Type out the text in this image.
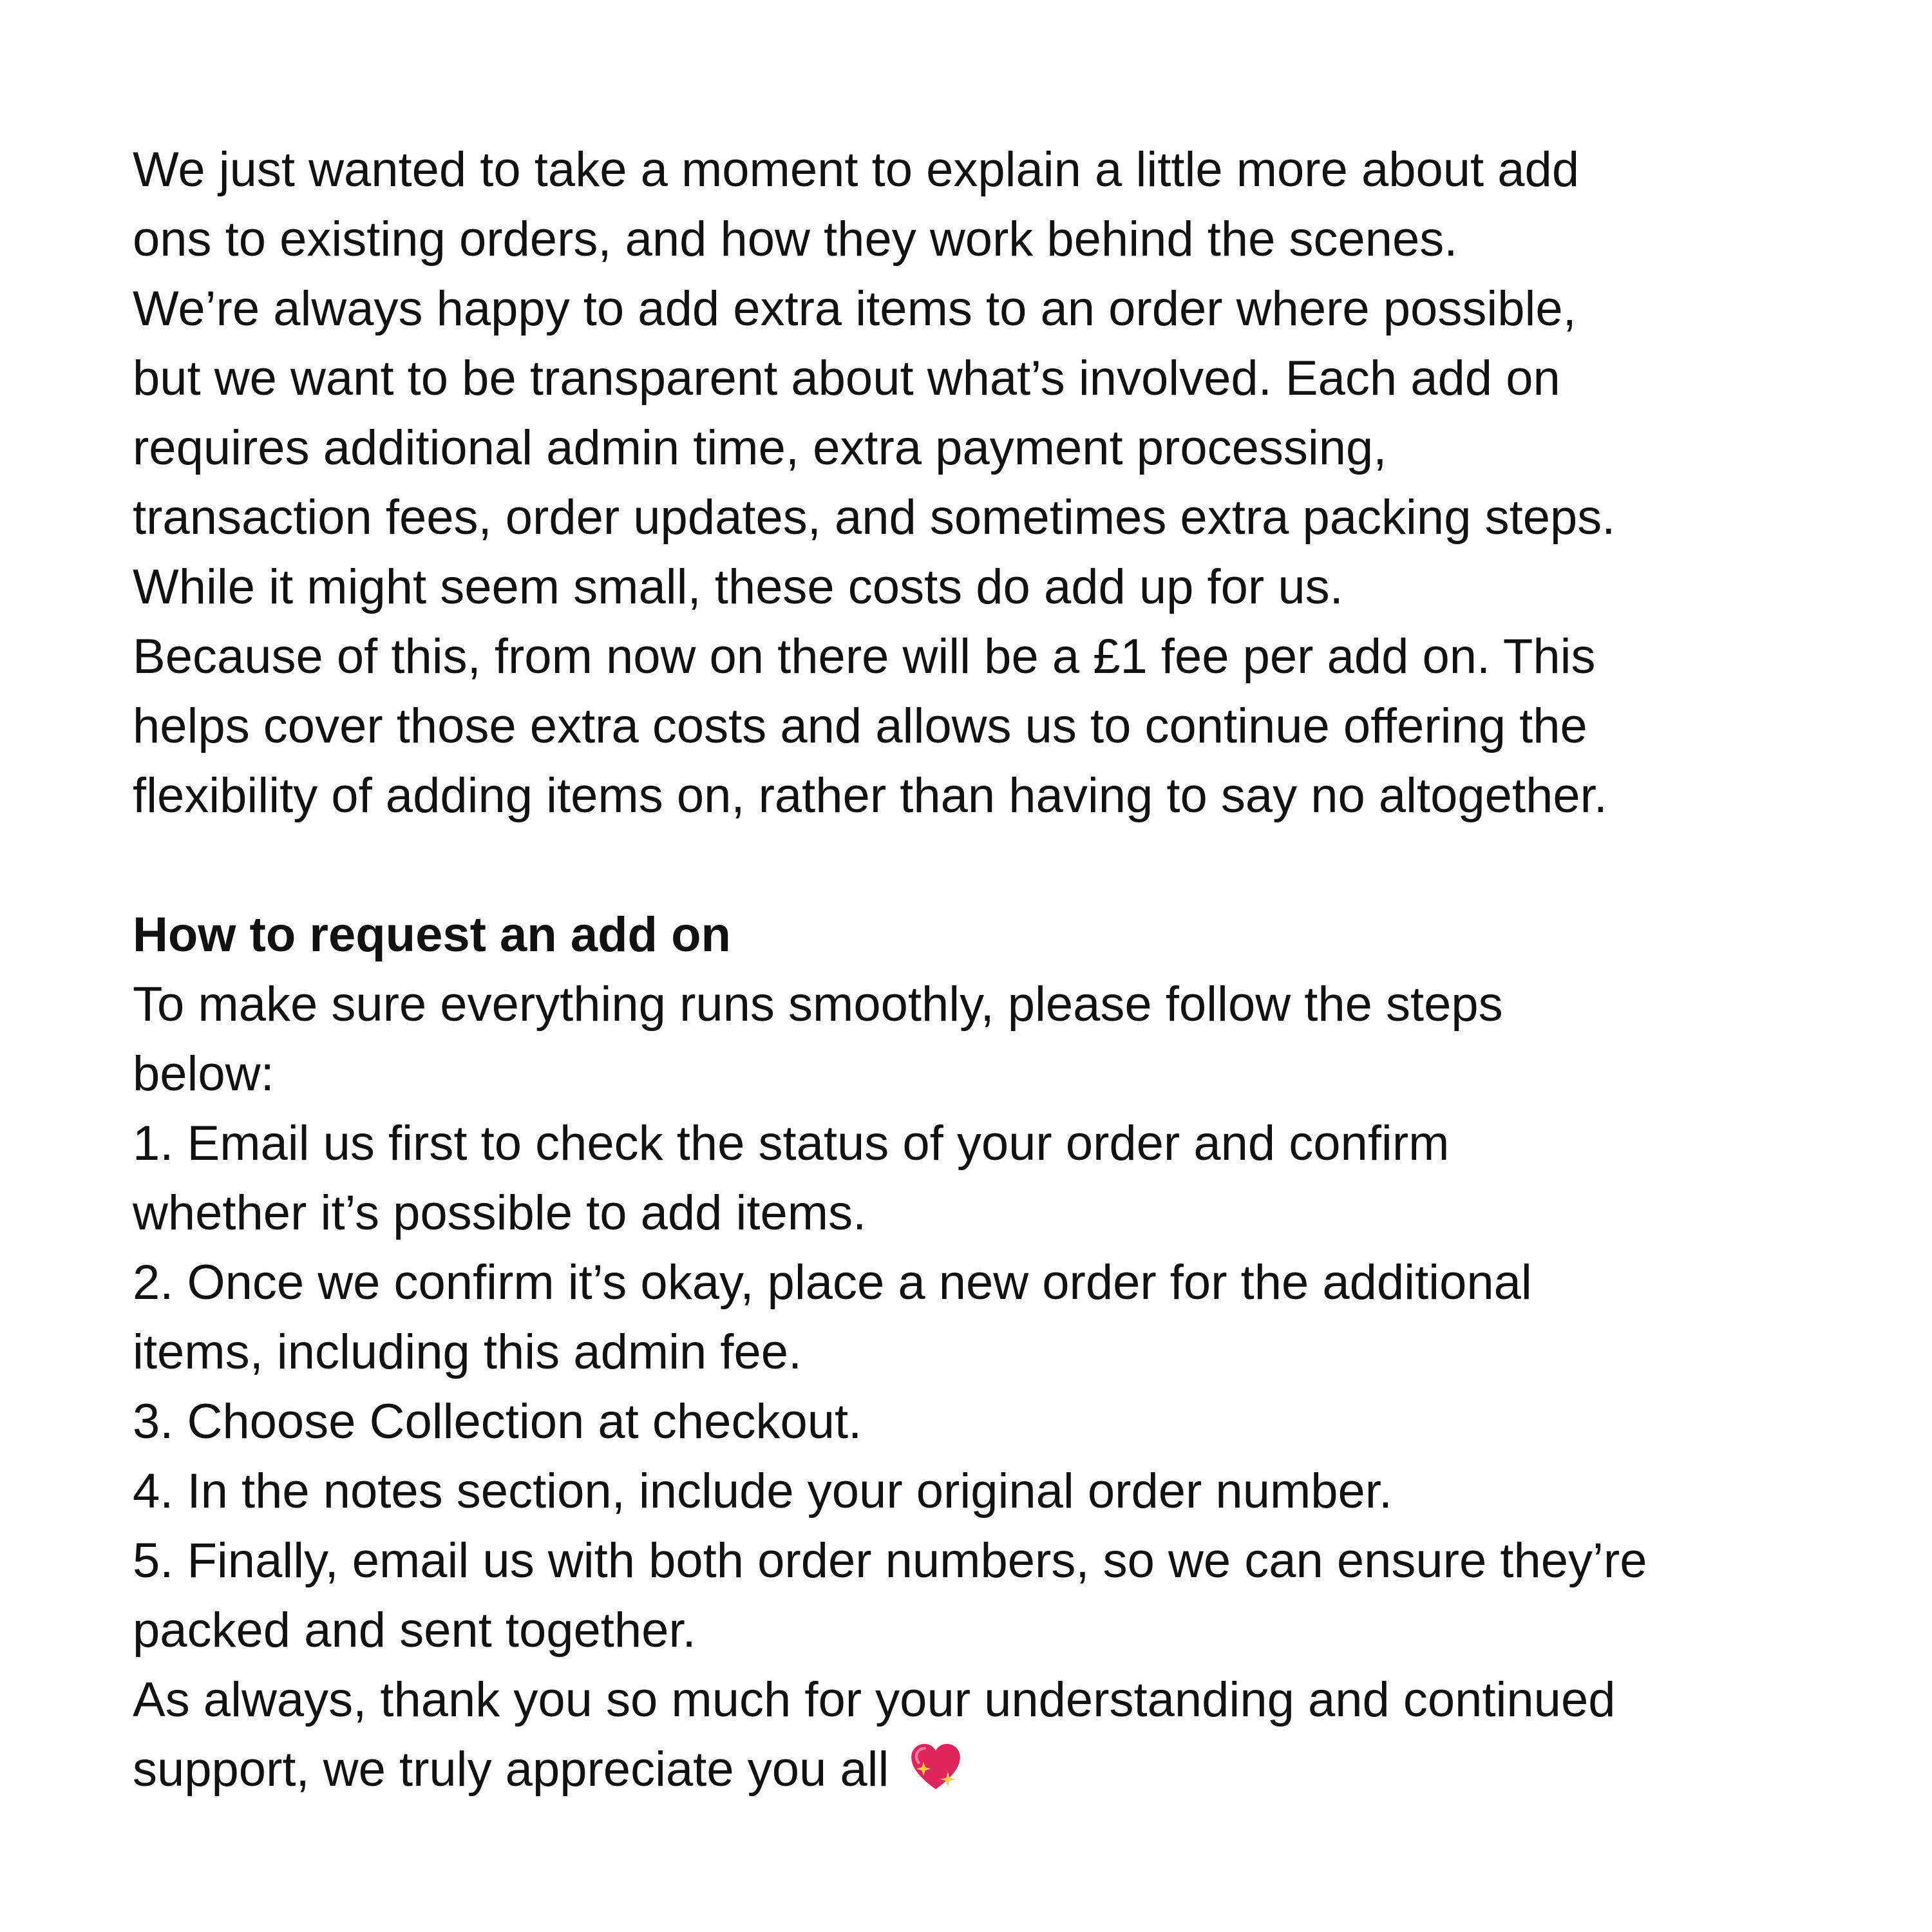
We just wanted to take a moment to explain a little more about add
ons to existing orders, and how they work behind the scenes.
We’re always happy to add extra items to an order where possible,
but we want to be transparent about what’s involved. Each add on
requires additional admin time, extra payment processing,
transaction fees, order updates, and sometimes extra packing steps.
While it might seem small, these costs do add up for us.
Because of this, from now on there will be a £1 fee per add on. This
helps cover those extra costs and allows us to continue offering the
flexibility of adding items on, rather than having to say no altogether.
How to request an add on
To make sure everything runs smoothly, please follow the steps
below:
1. Email us first to check the status of your order and confirm
whether it’s possible to add items.
2. Once we confirm it’s okay, place a new order for the additional
items, including this admin fee.
3. Choose Collection at checkout.
4. In the notes section, include your original order number.
5. Finally, email us with both order numbers, so we can ensure they’re
packed and sent together.
As always, thank you so much for your understanding and continued
support, we truly appreciate you all
